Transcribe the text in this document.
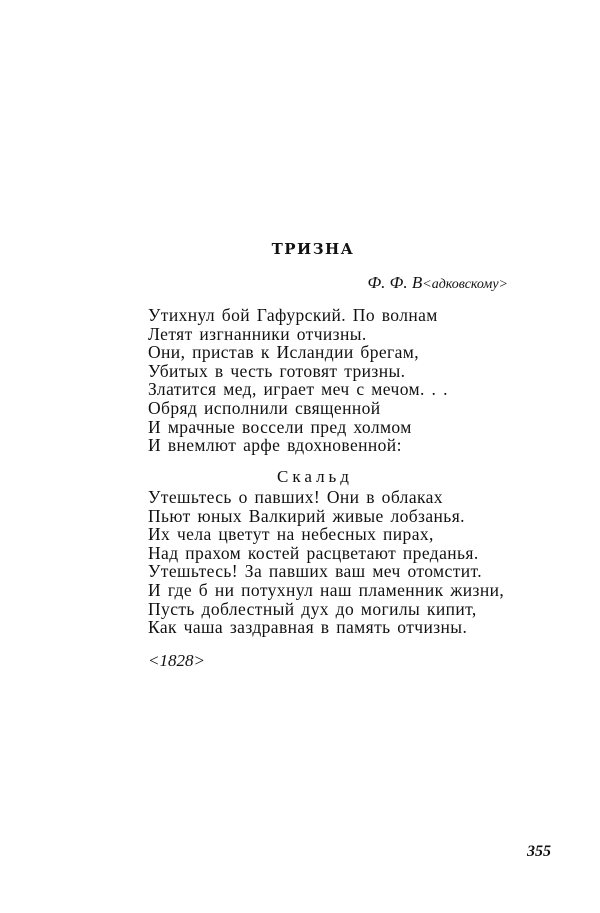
ТРИЗНА
Ф. Ф. В<адковскому>
Утихнул бой Гафурский. По волнам
Летят изгнанники отчизны.
Они, пристав к Исландии брегам,
Убитых в честь готовят тризны.
Златится мед, играет меч с мечом. . .
Обряд исполнили священной
И мрачные воссели пред холмом
И внемлют арфе вдохновенной:
Скальд
Утешьтесь о павших! Они в облаках
Пьют юных Валкирий живые лобзанья.
Их чела цветут на небесных пирах,
Над прахом костей расцветают преданья.
Утешьтесь! За павших ваш меч отомстит.
И где б ни потухнул наш пламенник жизни,
Пусть доблестный дух до могилы кипит,
Как чаша заздравная в память отчизны.
<1828>
355
